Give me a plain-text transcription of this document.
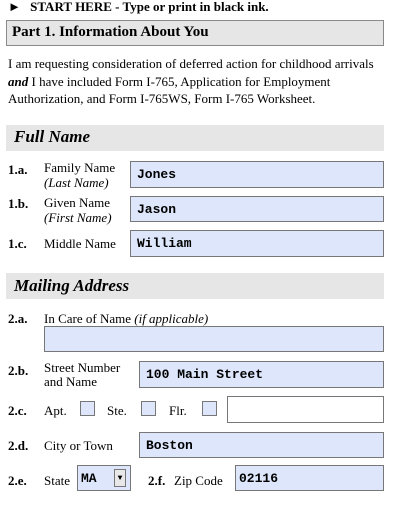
► START HERE - Type or print in black ink.
Part 1. Information About You
I am requesting consideration of deferred action for childhood arrivals and I have included Form I-765, Application for Employment Authorization, and Form I-765WS, Form I-765 Worksheet.
Full Name
1.a. Family Name
(Last Name)
Jones
1.b. Given Name
(First Name)
Jason
1.c. Middle Name	William
Mailing Address
2.a. In Care of Name (if applicable)
2.b. Street Number
and Name	100 Main Street
2.c. Apt.	Ste.	Flr.
2.d. City or Town	Boston
2.e. State MA	▼ 2.f. Zip Code	02116
